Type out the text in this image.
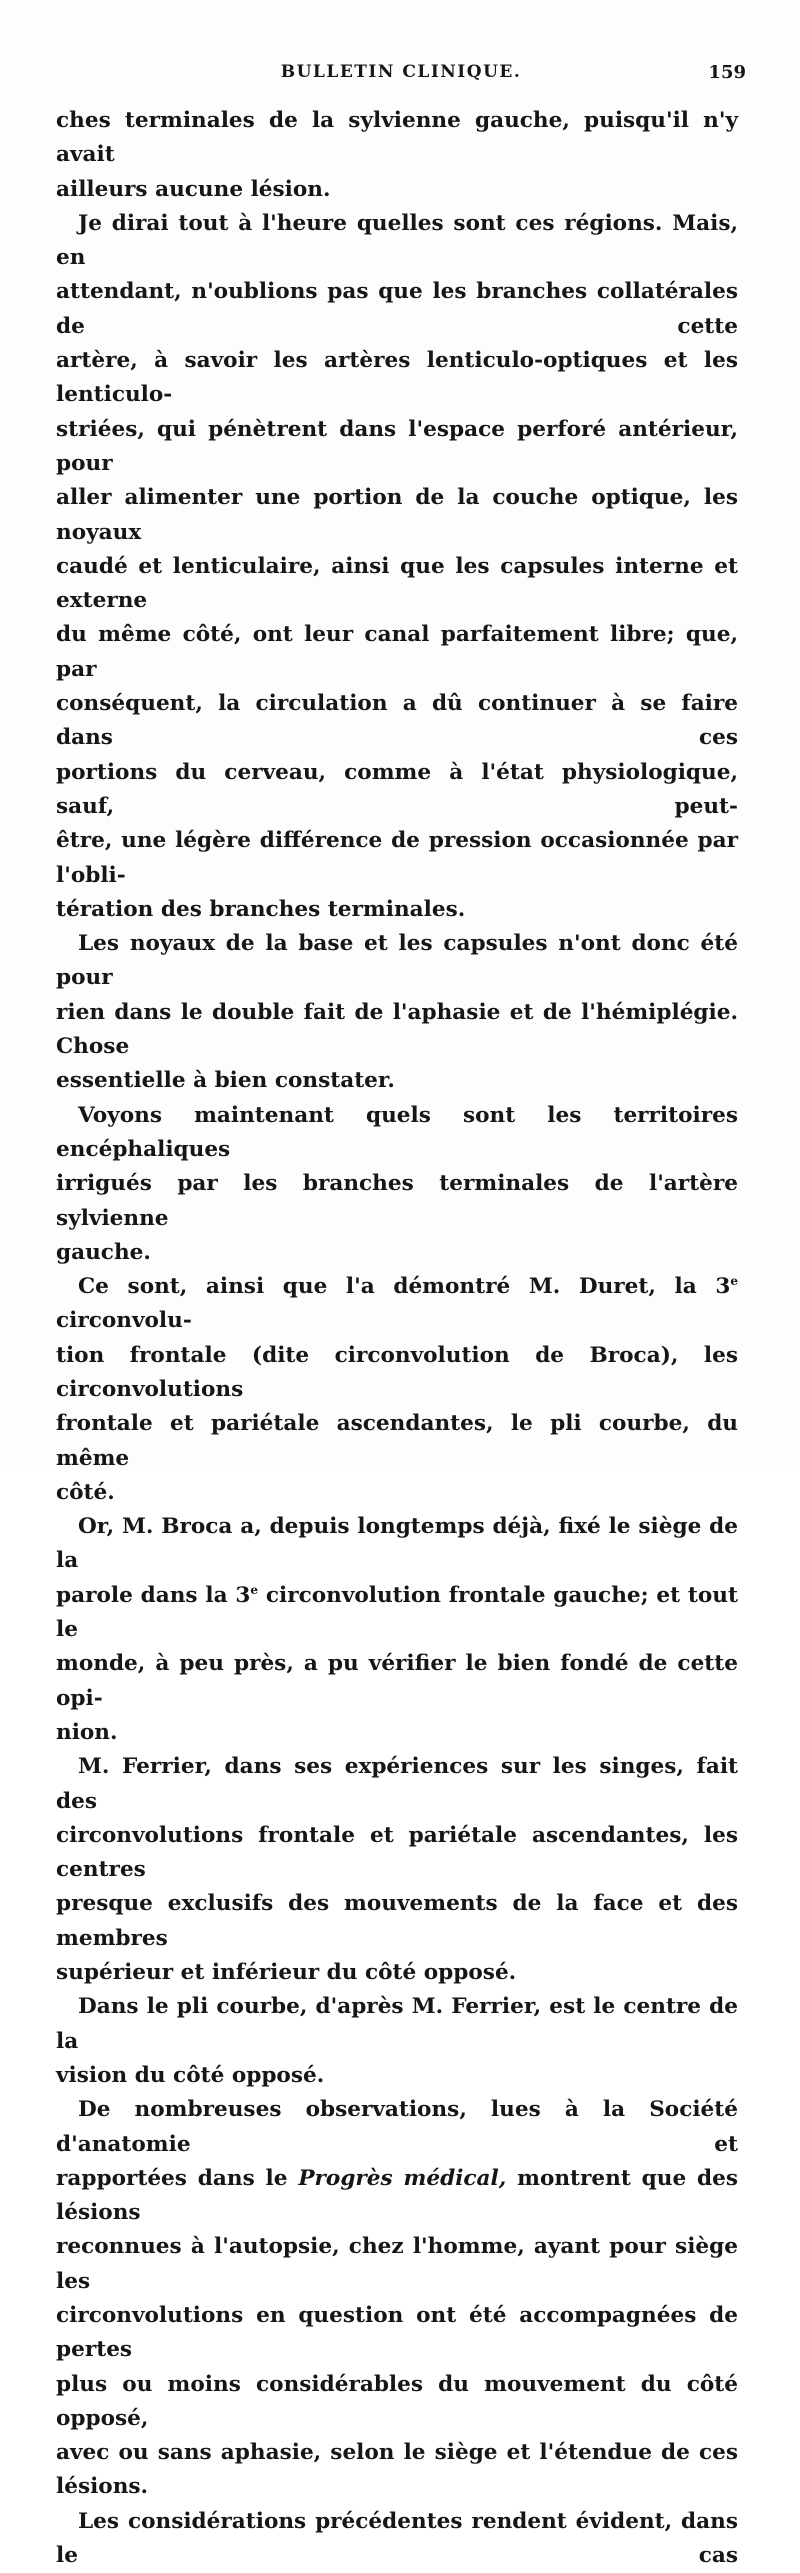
BULLETIN CLINIQUE.	159

ches terminales de la sylvienne gauche, puisqu'il n'y avait

ailleurs aucune lésion.

Je dirai tout à l'heure quelles sont ces régions. Mais, en

attendant, n'oublions pas que les branches collatérales de cette

artère, à savoir les artères lenticulo-optiques et les lenticulo-

striées, qui pénètrent dans l'espace perforé antérieur, pour

aller alimenter une portion de la couche optique, les noyaux

caudé et lenticulaire, ainsi que les capsules interne et externe

du même côté, ont leur canal parfaitement libre; que, par

conséquent, la circulation a dû continuer à se faire dans ces

portions du cerveau, comme à l'état physiologique, sauf, peut-

être, une légère différence de pression occasionnée par l'obli-

tération des branches terminales.

Les noyaux de la base et les capsules n'ont donc été pour

rien dans le double fait de l'aphasie et de l'hémiplégie. Chose

essentielle à bien constater.

Voyons maintenant quels sont les territoires encéphaliques

irrigués par les branches terminales de l'artère sylvienne

gauche.

Ce sont, ainsi que l'a démontré M. Duret, la 3e circonvolu-

tion frontale (dite circonvolution de Broca), les circonvolutions

frontale et pariétale ascendantes, le pli courbe, du même

côté.

Or, M. Broca a, depuis longtemps déjà, fixé le siège de la

parole dans la 3e circonvolution frontale gauche; et tout le

monde, à peu près, a pu vérifier le bien fondé de cette opi-

nion.

M. Ferrier, dans ses expériences sur les singes, fait des

circonvolutions frontale et pariétale ascendantes, les centres

presque exclusifs des mouvements de la face et des membres

supérieur et inférieur du côté opposé.

Dans le pli courbe, d'après M. Ferrier, est le centre de la

vision du côté opposé.

De nombreuses observations, lues à la Société d'anatomie et

rapportées dans le Progrès médical, montrent que des lésions

reconnues à l'autopsie, chez l'homme, ayant pour siège les

circonvolutions en question ont été accompagnées de pertes

plus ou moins considérables du mouvement du côté opposé,

avec ou sans aphasie, selon le siège et l'étendue de ces lésions.

Les considérations précédentes rendent évident, dans le cas
